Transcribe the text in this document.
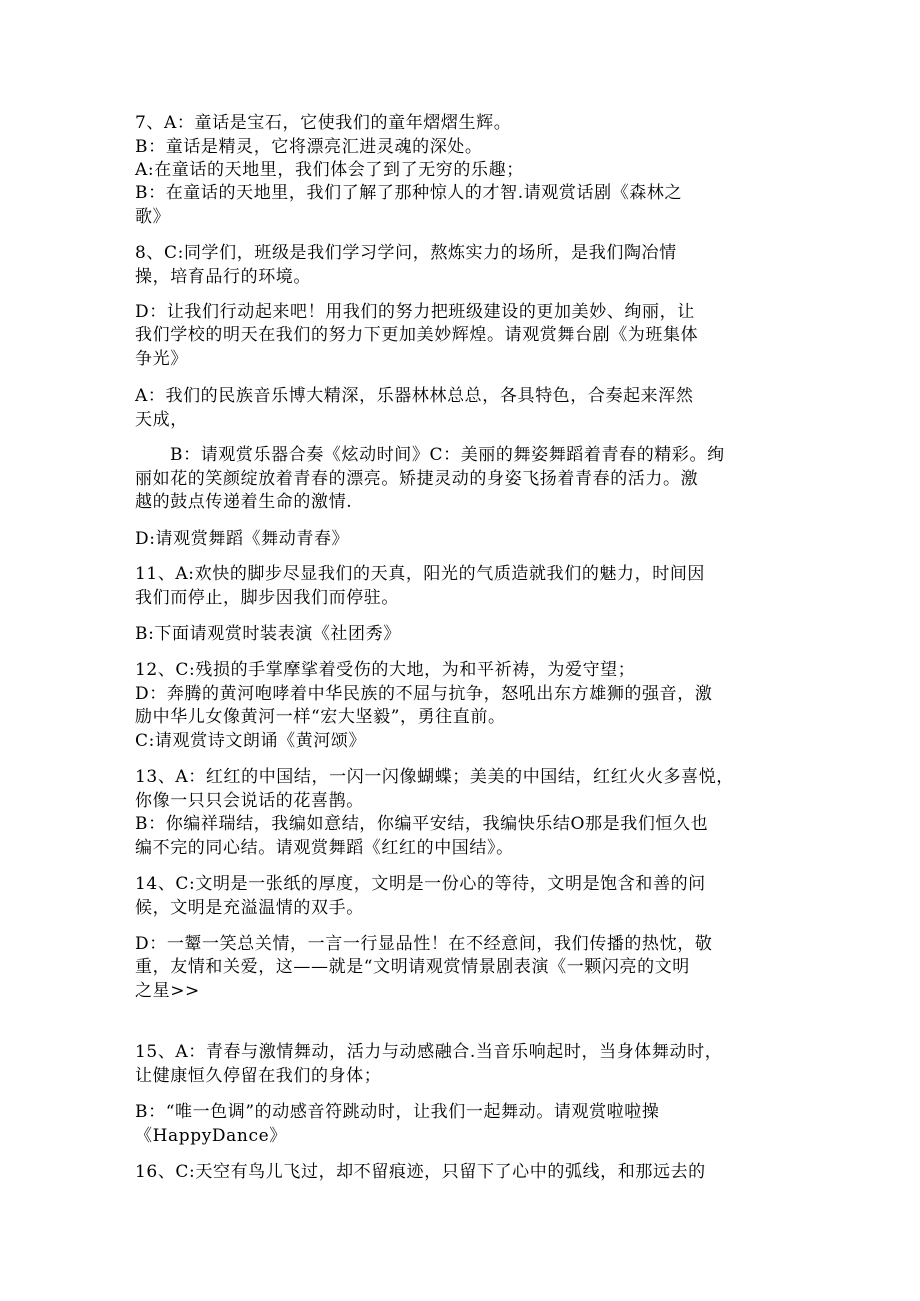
7、A：童话是宝石，它使我们的童年熠熠生辉。
B：童话是精灵，它将漂亮汇进灵魂的深处。
A:在童话的天地里，我们体会了到了无穷的乐趣；
B：在童话的天地里，我们了解了那种惊人的才智.请观赏话剧《森林之
歌》
8、C:同学们，班级是我们学习学问，熬炼实力的场所，是我们陶冶情
操，培育品行的环境。
D：让我们行动起来吧！用我们的努力把班级建设的更加美妙、绚丽，让
我们学校的明天在我们的努力下更加美妙辉煌。请观赏舞台剧《为班集体
争光》
A：我们的民族音乐博大精深，乐器林林总总，各具特色，合奏起来浑然
天成，
B：请观赏乐器合奏《炫动时间》C：美丽的舞姿舞蹈着青春的精彩。绚
丽如花的笑颜绽放着青春的漂亮。矫捷灵动的身姿飞扬着青春的活力。激
越的鼓点传递着生命的激情.
D:请观赏舞蹈《舞动青春》
11、A:欢快的脚步尽显我们的天真，阳光的气质造就我们的魅力，时间因
我们而停止，脚步因我们而停驻。
B:下面请观赏时装表演《社团秀》
12、C:残损的手掌摩挲着受伤的大地，为和平祈祷，为爱守望；
D：奔腾的黄河咆哮着中华民族的不屈与抗争，怒吼出东方雄狮的强音，激
励中华儿女像黄河一样“宏大坚毅”，勇往直前。
C:请观赏诗文朗诵《黄河颂》
13、A：红红的中国结，一闪一闪像蝴蝶；美美的中国结，红红火火多喜悦，
你像一只只会说话的花喜鹊。
B：你编祥瑞结，我编如意结，你编平安结，我编快乐结O那是我们恒久也
编不完的同心结。请观赏舞蹈《红红的中国结》。
14、C:文明是一张纸的厚度，文明是一份心的等待，文明是饱含和善的问
候，文明是充溢温情的双手。
D：一颦一笑总关情，一言一行显品性！在不经意间，我们传播的热忱，敬
重，友情和关爱，这——就是“文明请观赏情景剧表演《一颗闪亮的文明
之星>>
15、A：青春与激情舞动，活力与动感融合.当音乐响起时，当身体舞动时，
让健康恒久停留在我们的身体；
B：“唯一色调”的动感音符跳动时，让我们一起舞动。请观赏啦啦操
《HappyDance》
16、C:天空有鸟儿飞过，却不留痕迹，只留下了心中的弧线，和那远去的
